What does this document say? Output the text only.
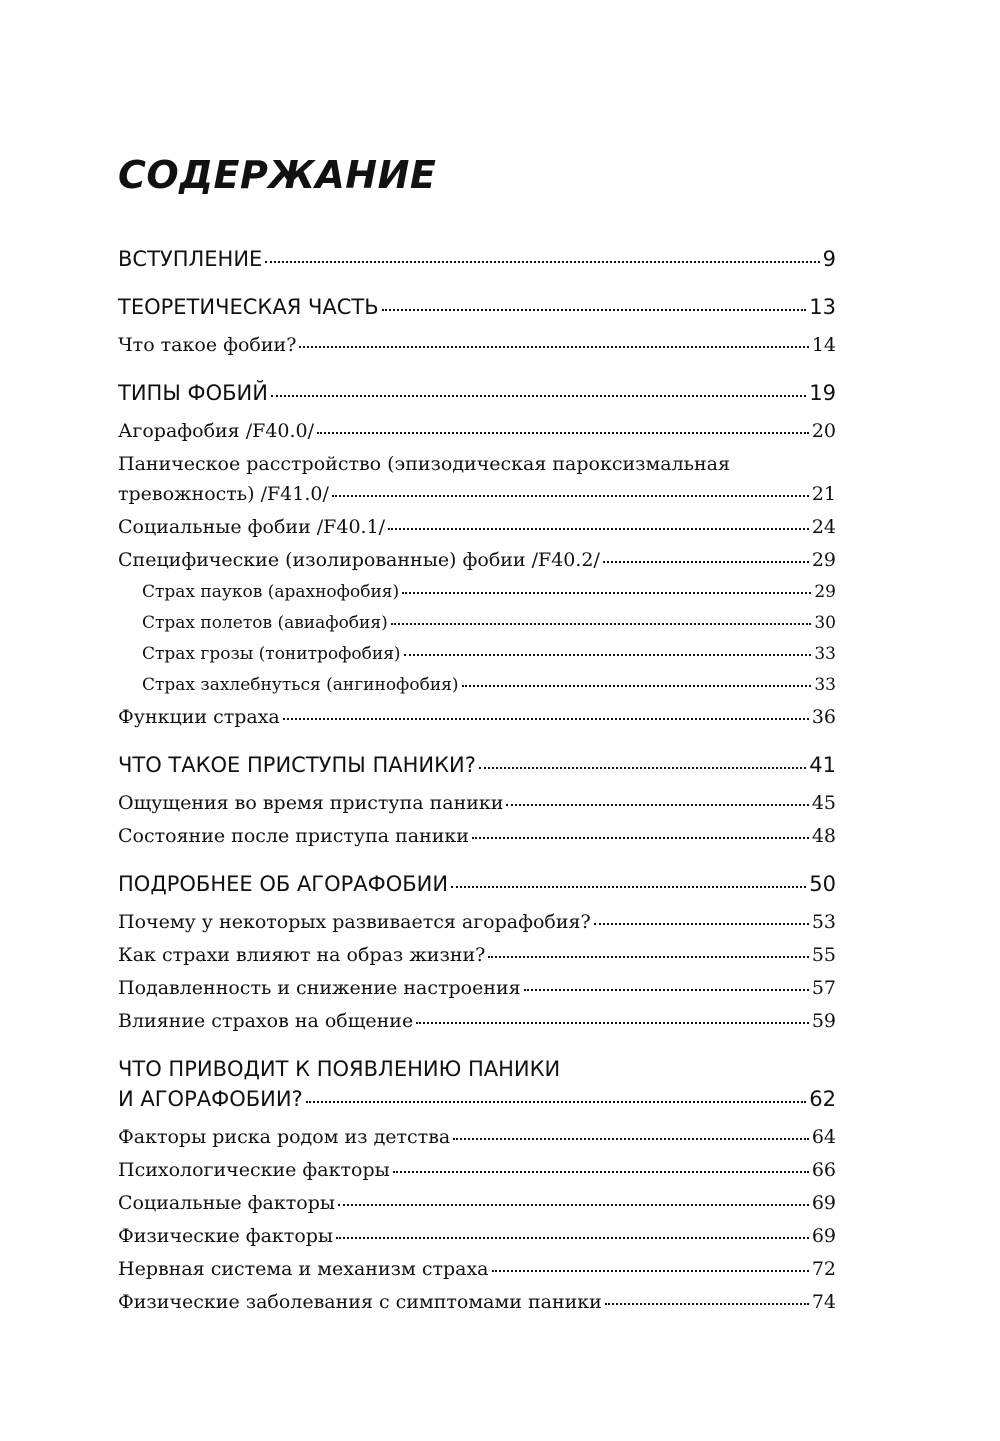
СОДЕРЖАНИЕ
ВСТУПЛЕНИЕ	9
ТЕОРЕТИЧЕСКАЯ ЧАСТЬ	13
Что такое фобии?	14
ТИПЫ ФОБИЙ	19
Агорафобия /F40.0/	20
Паническое расстройство (эпизодическая пароксизмальная
тревожность) /F41.0/	21
Социальные фобии /F40.1/	24
Специфические (изолированные) фобии /F40.2/	29
Страх пауков (арахнофобия)	29
Страх полетов (авиафобия)	30
Страх грозы (тонитрофобия)	33
Страх захлебнуться (ангинофобия)	33
Функции страха	36
ЧТО ТАКОЕ ПРИСТУПЫ ПАНИКИ?	41
Ощущения во время приступа паники	45
Состояние после приступа паники	48
ПОДРОБНЕЕ ОБ АГОРАФОБИИ	50
Почему у некоторых развивается агорафобия?	53
Как страхи влияют на образ жизни?	55
Подавленность и снижение настроения	57
Влияние страхов на общение	59
ЧТО ПРИВОДИТ К ПОЯВЛЕНИЮ ПАНИКИ
И АГОРАФОБИИ?	62
Факторы риска родом из детства	64
Психологические факторы	66
Социальные факторы	69
Физические факторы	69
Нервная система и механизм страха	72
Физические заболевания с симптомами паники	74
